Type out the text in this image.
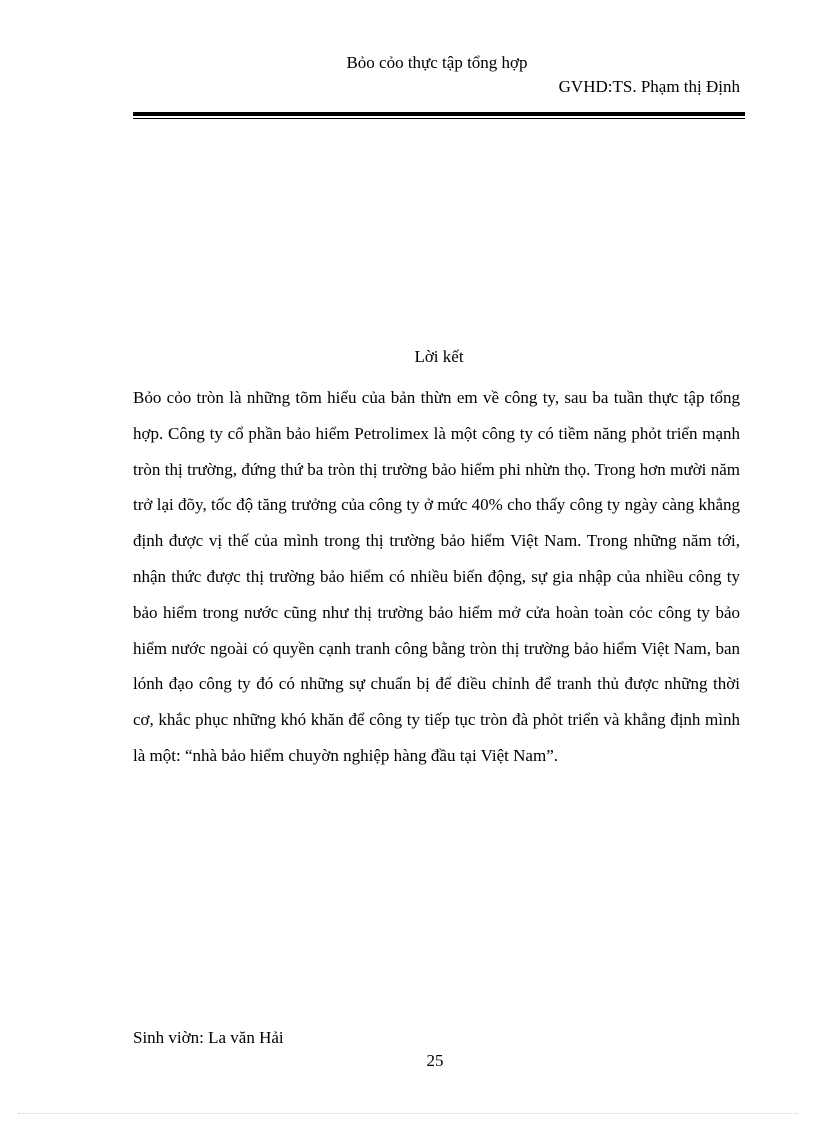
Bỏo cỏo thực tập tổng hợp
GVHD:TS. Phạm thị Định
Lời kết

Bỏo cỏo tròn là những tõm hiểu của bản thừn em về công ty, sau ba tuần thực tập tổng hợp. Công ty cổ phần bảo hiểm Petrolimex là một công ty có tiềm năng phỏt triển mạnh tròn thị trường, đứng thứ ba tròn thị trường bảo hiểm phi nhừn thọ. Trong hơn mười năm trở lại đõy, tốc độ tăng trưởng của công ty ở mức 40% cho thấy công ty ngày càng khẳng định được vị thế của mình trong thị trường bảo hiểm Việt Nam. Trong những năm tới, nhận thức được thị trường bảo hiểm có nhiều biến động, sự gia nhập của nhiều công ty bảo hiểm trong nước cũng như thị trường bảo hiểm mở cửa hoàn toàn cỏc công ty bảo hiểm nước ngoài có quyền cạnh tranh công bằng tròn thị trường bảo hiểm Việt Nam, ban lónh đạo công ty đó có những sự chuẩn bị để điều chỉnh để tranh thủ được những thời cơ, khắc phục những khó khăn để công ty tiếp tục tròn đà phỏt triển và khẳng định mình là một: “nhà bảo hiểm chuyờn nghiệp hàng đầu tại Việt Nam”.

Sinh viờn: La văn Hải
25
